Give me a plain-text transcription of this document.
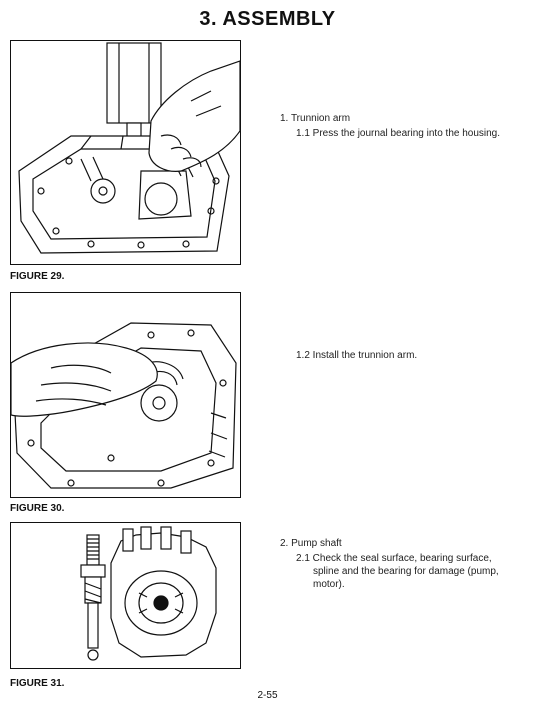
3. ASSEMBLY
FIGURE 29.
FIGURE 30.
FIGURE 31.
1. Trunnion arm
1.1 Press the journal bearing into the housing.
1.2 Install the trunnion arm.
2. Pump shaft
2.1 Check the seal surface, bearing surface,
spline and the bearing for damage (pump,
motor).
2-55
